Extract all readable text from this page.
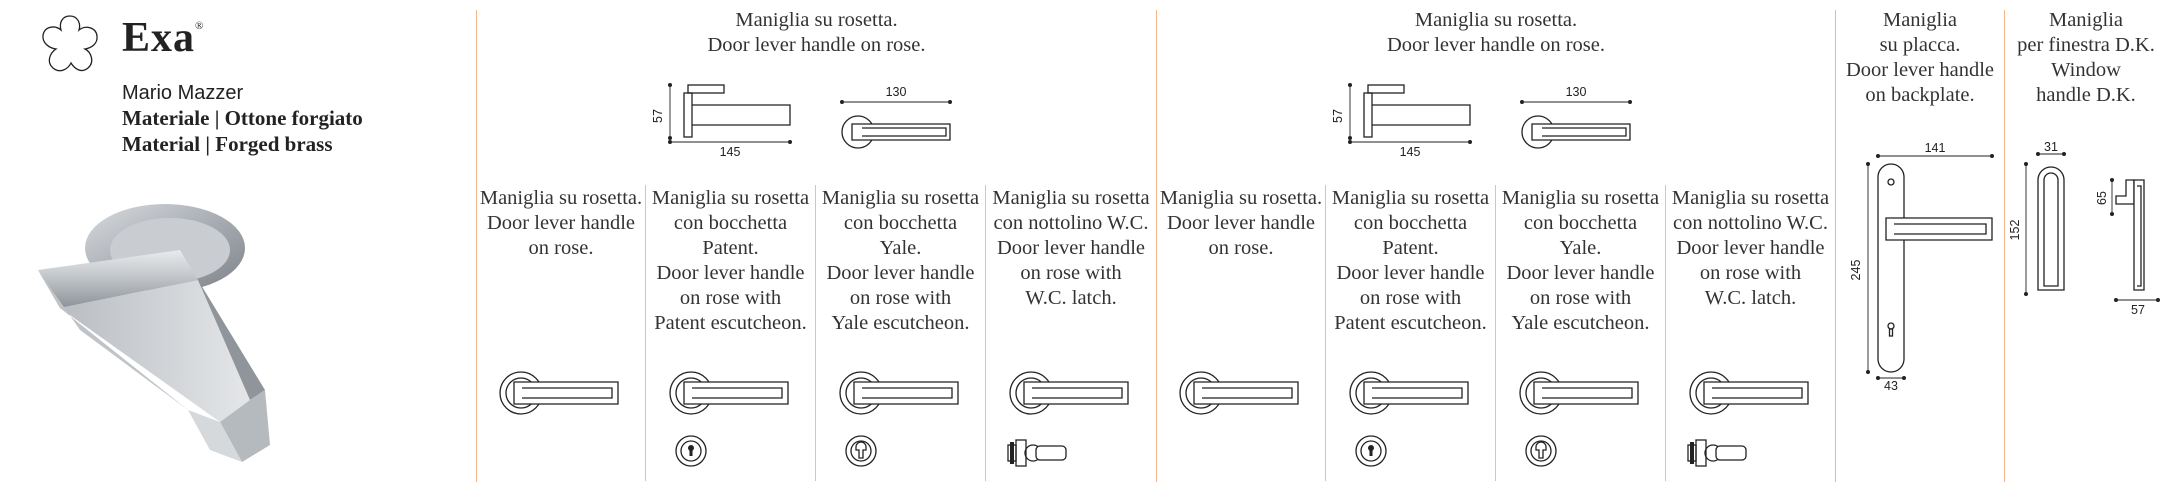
Exa®
Mario Mazzer
Materiale | Ottone forgiato
Material | Forged brass
Maniglia su rosetta.
Door lever handle on rose.
57
145
130
Maniglia su rosetta.
Door lever handle on rose.
57
145
130
Maniglia su rosetta.
Door lever handle
on rose.
Maniglia su rosetta
con bocchetta
Patent.
Door lever handle
on rose with
Patent escutcheon.
Maniglia su rosetta
con bocchetta
Yale.
Door lever handle
on rose with
Yale escutcheon.
Maniglia su rosetta
con nottolino W.C.
Door lever handle
on rose with
W.C. latch.
Maniglia su rosetta.
Door lever handle
on rose.
Maniglia su rosetta
con bocchetta
Patent.
Door lever handle
on rose with
Patent escutcheon.
Maniglia su rosetta
con bocchetta
Yale.
Door lever handle
on rose with
Yale escutcheon.
Maniglia su rosetta
con nottolino W.C.
Door lever handle
on rose with
W.C. latch.
Maniglia
su placca.
Door lever handle
on backplate.
141
245
43
Maniglia
per finestra D.K.
Window
handle D.K.
31
152
65
57
